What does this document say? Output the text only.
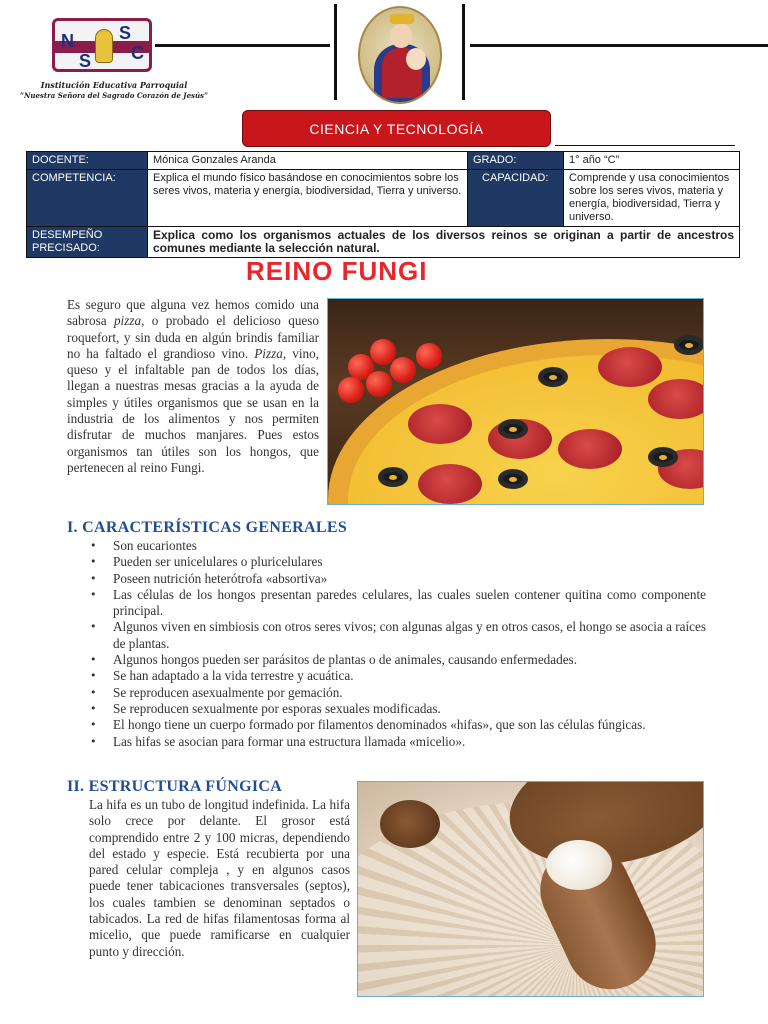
N	S
S C
Institución Educativa Parroquial
“Nuestra Señora del Sagrado Corazón de Jesús”
CIENCIA Y TECNOLOGÍA
DOCENTE:	Mónica Gonzales Aranda	GRADO:	1° año “C”
COMPETENCIA:	Explica el mundo físico basándose en conocimientos sobre los seres vivos, materia y energía, biodiversidad, Tierra y universo.	CAPACIDAD:	Comprende y usa conocimientos sobre los seres vivos, materia y energía, biodiversidad, Tierra y universo.

DESEMPEÑO
PRECISADO:	Explica como los organismos actuales de los diversos reinos se originan a partir de ancestros comunes mediante la selección natural.		
REINO FUNGI

Es seguro que alguna vez hemos comido una sabrosa pizza, o probado el delicioso queso roquefort, y sin duda en algún brindis familiar no ha faltado el grandioso vino. Pizza, vino, queso y el infaltable pan de todos los días, llegan a nuestras mesas gracias a la ayuda de simples y útiles organismos que se usan en la industria de los alimentos y nos permiten disfrutar de muchos manjares. Pues estos organismos tan útiles son los hongos, que pertenecen al reino Fungi.

I. CARACTERÍSTICAS GENERALES
• Son eucariontes
• Pueden ser unicelulares o pluricelulares
• Poseen nutrición heterótrofa «absortiva»
• Las células de los hongos presentan paredes celulares, las cuales suelen contener quitina como componente principal.
• Algunos viven en simbiosis con otros seres vivos; con algunas algas y en otros casos, el hongo se asocia a raíces de plantas.
• Algunos hongos pueden ser parásitos de plantas o de animales, causando enfermedades.
• Se han adaptado a la vida terrestre y acuática.
• Se reproducen asexualmente por gemación.
• Se reproducen sexualmente por esporas sexuales modificadas.
• El hongo tiene un cuerpo formado por filamentos denominados «hifas», que son las células fúngicas.
• Las hifas se asocian para formar una estructura llamada «micelio».
II. ESTRUCTURA FÚNGICA

La hifa es un tubo de longitud indefinida. La hifa solo crece por delante. El grosor está comprendido entre 2 y 100 micras, dependiendo del estado y especie. Está recubierta por una pared celular compleja , y en algunos casos puede tener tabicaciones transversales (septos), los cuales tambien se denominan septados o tabicados. La red de hifas filamentosas forma al micelio, que puede ramificarse en cualquier punto y dirección.
